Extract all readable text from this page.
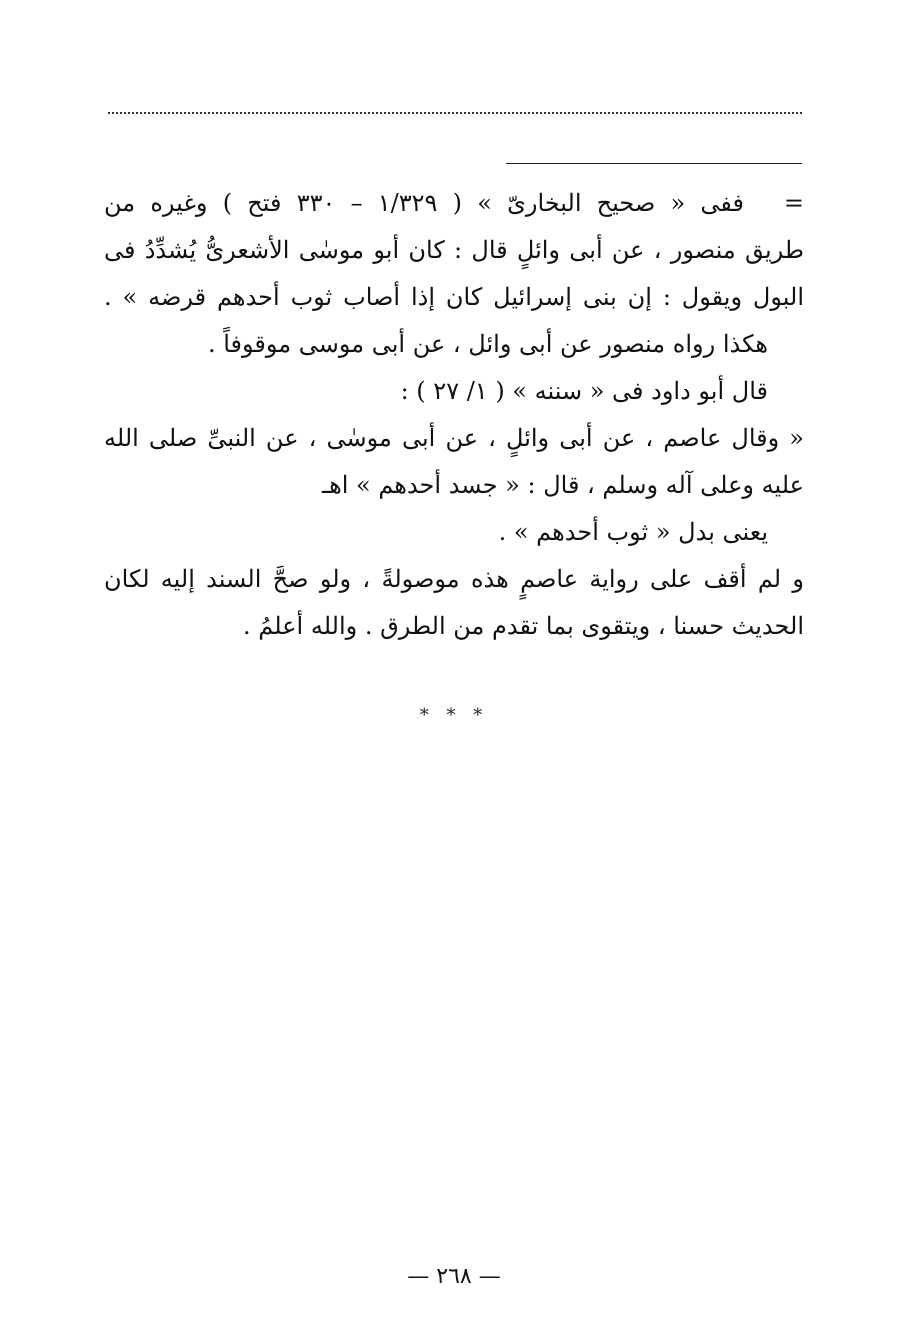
=ففى « صحيح البخارىّ » ( ١/٣٢٩ – ٣٣٠ فتح ) وغيره من
طريق منصور ، عن أبى وائلٍ قال : كان أبو موسٰى الأشعرىُّ يُشدِّدُ فى
البول ويقول : إن بنى إسرائيل كان إذا أصاب ثوب أحدهم قرضه » .
هكذا رواه منصور عن أبى وائل ، عن أبى موسى موقوفاً .
قال أبو داود فى « سننه » ( ١/ ٢٧ ) :
« وقال عاصم ، عن أبى وائلٍ ، عن أبى موسٰى ، عن النبىِّ صلى الله
عليه وعلى آله وسلم ، قال : « جسد أحدهم » اهـ
يعنى بدل « ثوب أحدهم » .
و لم أقف على رواية عاصمٍ هذه موصولةً ، ولو صحَّ السند إليه لكان
الحديث حسنا ، ويتقوى بما تقدم من الطرق . والله أعلمُ .
* * *
— ٢٦٨ —
